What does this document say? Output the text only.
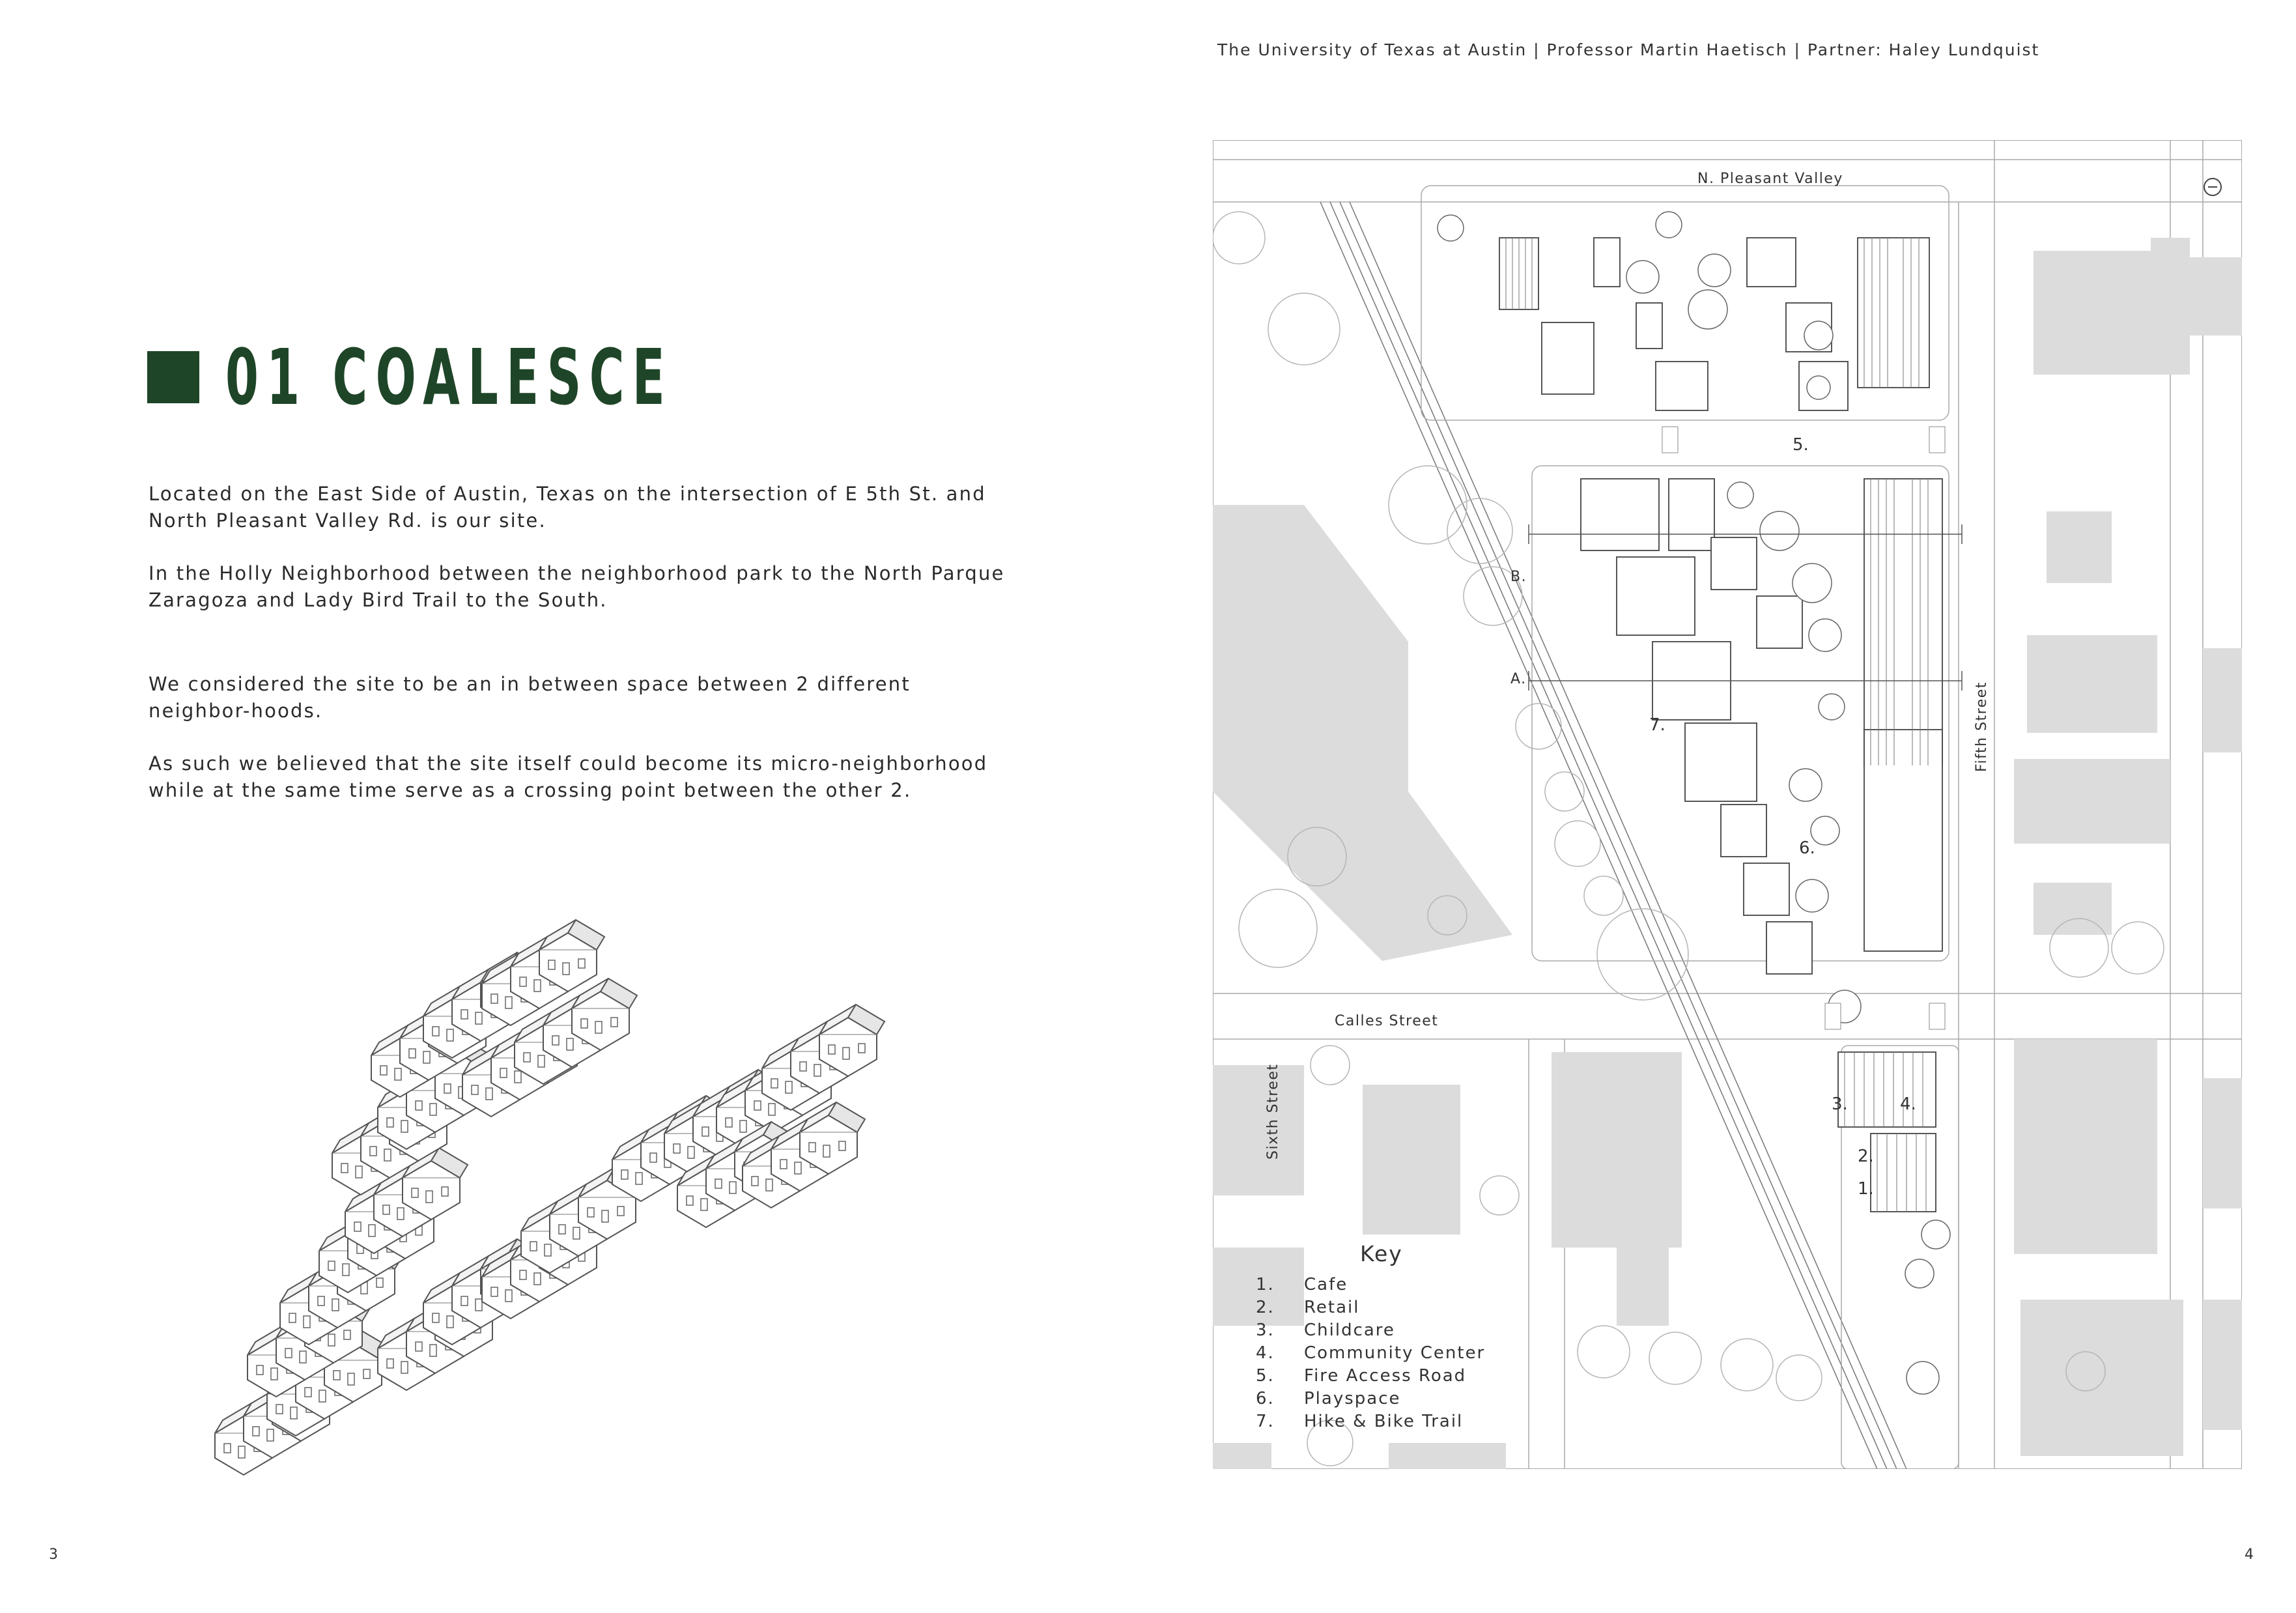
01 COALESCE

Located on the East Side of Austin, Texas on the intersection of E 5th St. and North Pleasant Valley Rd. is our site.

In the Holly Neighborhood between the neighborhood park to the North Parque Zaragoza and Lady Bird Trail to the South.

We considered the site to be an in between space between 2 different neighbor-hoods.

As such we believed that the site itself could become its micro-neighborhood while at the same time serve as a crossing point between the other 2.

3
The University of Texas at Austin | Professor Martin Haetisch | Partner: Haley Lundquist
N. Pleasant Valley
Calles Street
Sixth Street
Fifth Street
B.
A.
5.
6.
7.
3.	4.
2.
1.
Key
1.	Cafe
2.	Retail
3.	Childcare
4.	Community Center
5.	Fire Access Road
6.	Playspace
7.	Hike & Bike Trail
4
